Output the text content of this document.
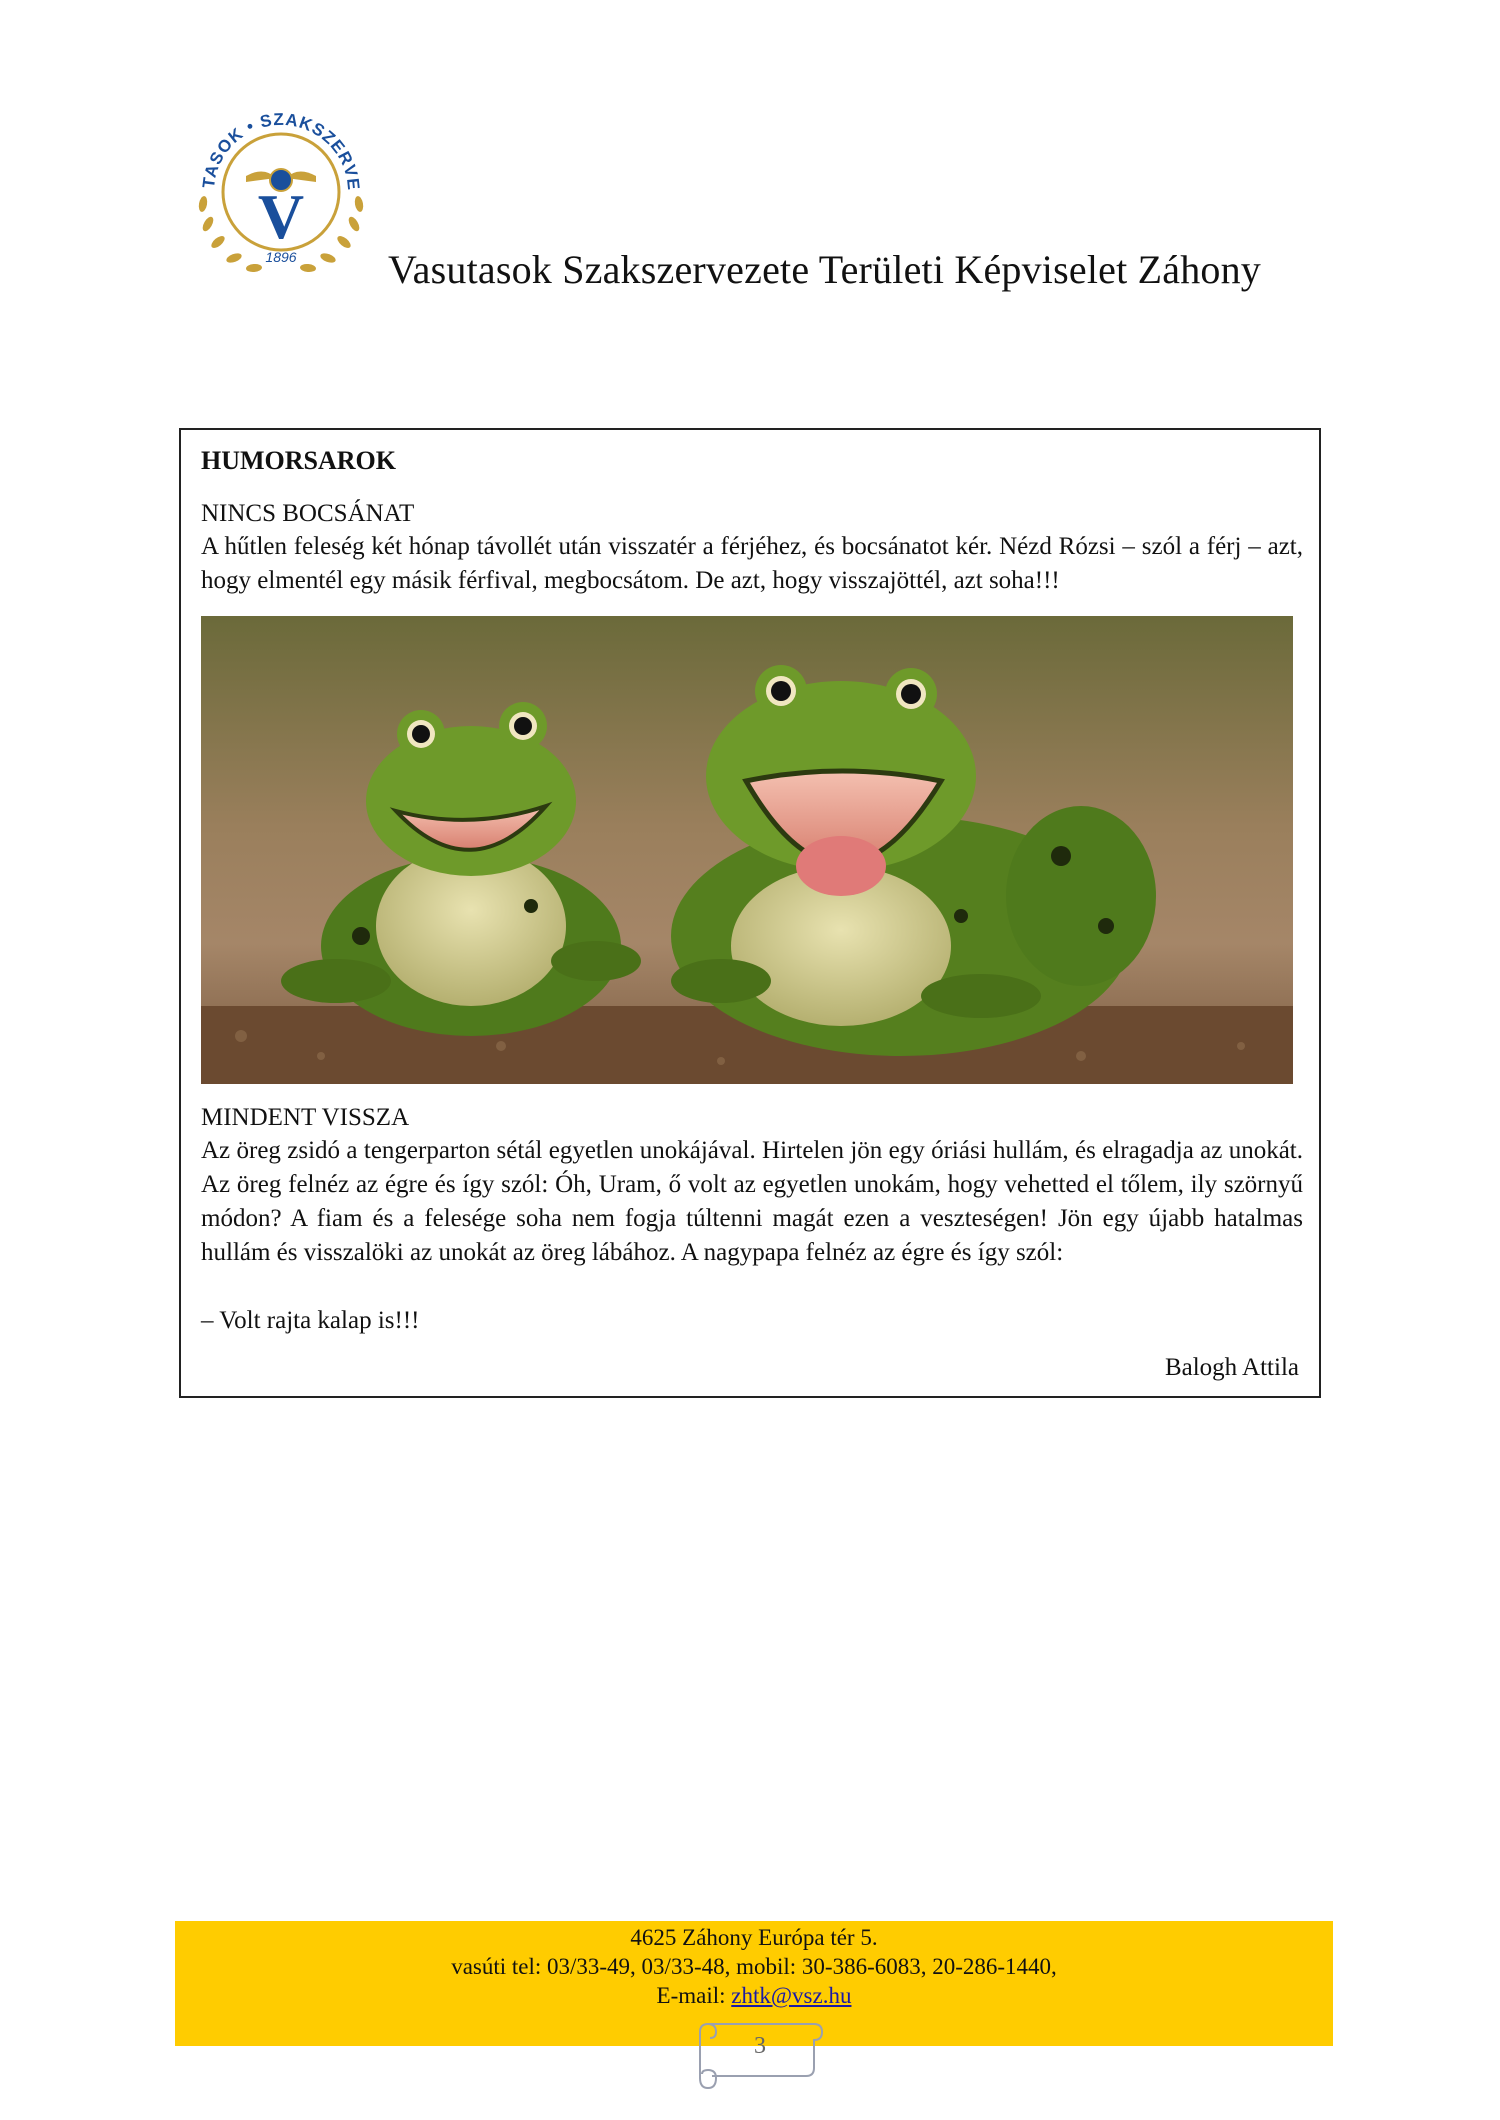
TASOK • SZAKSZERVE
V
1896 Vasutasok Szakszervezete Területi Képviselet Záhony
HUMORSAROK
NINCS BOCSÁNAT
A hűtlen feleség két hónap távollét után visszatér a férjéhez, és bocsánatot kér. Nézd Rózsi – szól a férj – azt, hogy elmentél egy másik férfival, megbocsátom. De azt, hogy visszajöttél, azt soha!!!
MINDENT VISSZA
Az öreg zsidó a tengerparton sétál egyetlen unokájával. Hirtelen jön egy óriási hullám, és elragadja az unokát. Az öreg felnéz az égre és így szól: Óh, Uram, ő volt az egyetlen unokám, hogy vehetted el tőlem, ily szörnyű módon? A fiam és a felesége soha nem fogja túltenni magát ezen a veszteségen! Jön egy újabb hatalmas hullám és visszalöki az unokát az öreg lábához. A nagypapa felnéz az égre és így szól:
– Volt rajta kalap is!!!
Balogh Attila
4625 Záhony Európa tér 5.
vasúti tel: 03/33-49, 03/33-48, mobil: 30-386-6083, 20-286-1440,
E-mail: zhtk@vsz.hu
3
